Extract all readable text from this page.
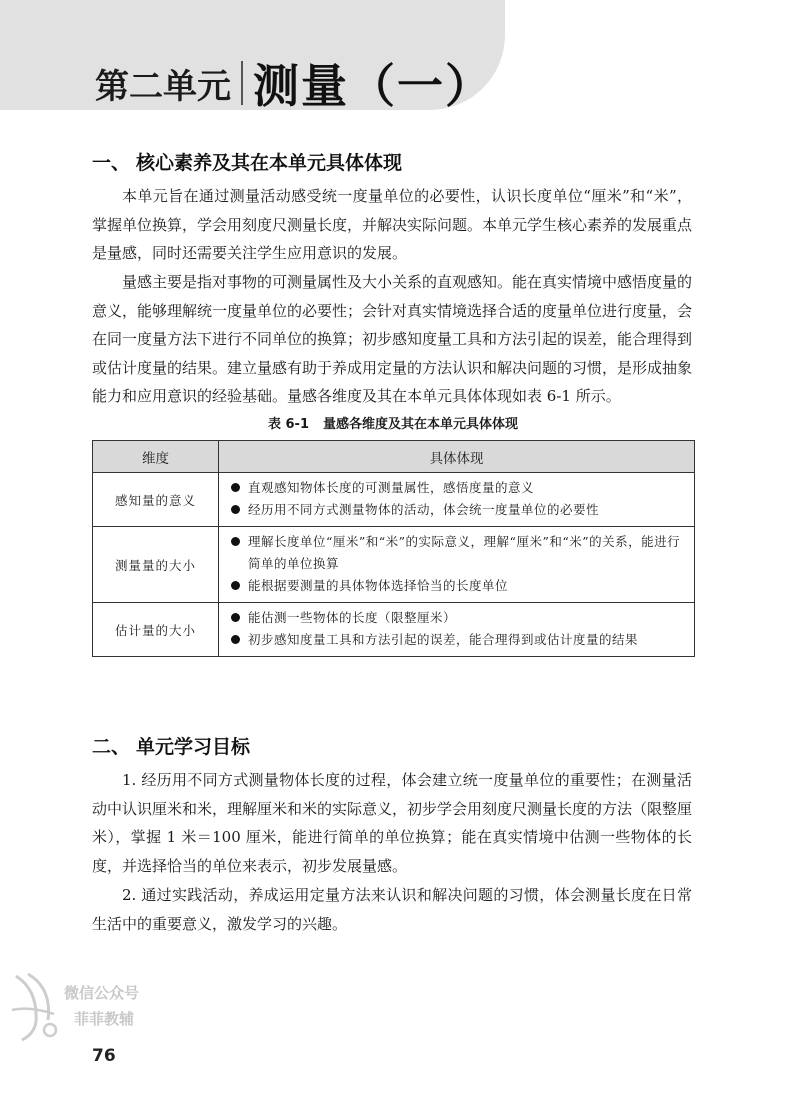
第二单元 测量（一）
一、 核心素养及其在本单元具体体现

本单元旨在通过测量活动感受统一度量单位的必要性，认识长度单位“厘米”和“米”，掌握单位换算，学会用刻度尺测量长度，并解决实际问题。本单元学生核心素养的发展重点是量感，同时还需要关注学生应用意识的发展。

量感主要是指对事物的可测量属性及大小关系的直观感知。能在真实情境中感悟度量的意义，能够理解统一度量单位的必要性；会针对真实情境选择合适的度量单位进行度量，会在同一度量方法下进行不同单位的换算；初步感知度量工具和方法引起的误差，能合理得到或估计度量的结果。建立量感有助于养成用定量的方法认识和解决问题的习惯，是形成抽象能力和应用意识的经验基础。量感各维度及其在本单元具体体现如表 6-1 所示。

表 6-1 量感各维度及其在本单元具体体现
维度	具体体现
感知量的意义	直观感知物体长度的可测量属性，感悟度量的意义
经历用不同方式测量物体的活动，体会统一度量单位的必要性

测量量的大小	理解长度单位“厘米”和“米”的实际意义，理解“厘米”和“米”的关系，能进行简单的单位换算
能根据要测量的具体物体选择恰当的长度单位

估计量的大小	能估测一些物体的长度（限整厘米）
初步感知度量工具和方法引起的误差，能合理得到或估计度量的结果
二、 单元学习目标

1. 经历用不同方式测量物体长度的过程，体会建立统一度量单位的重要性；在测量活动中认识厘米和米，理解厘米和米的实际意义，初步学会用刻度尺测量长度的方法（限整厘米），掌握 1 米＝100 厘米，能进行简单的单位换算；能在真实情境中估测一些物体的长度，并选择恰当的单位来表示，初步发展量感。

2. 通过实践活动，养成运用定量方法来认识和解决问题的习惯，体会测量长度在日常生活中的重要意义，激发学习的兴趣。

微信公众号
菲菲教辅
76
